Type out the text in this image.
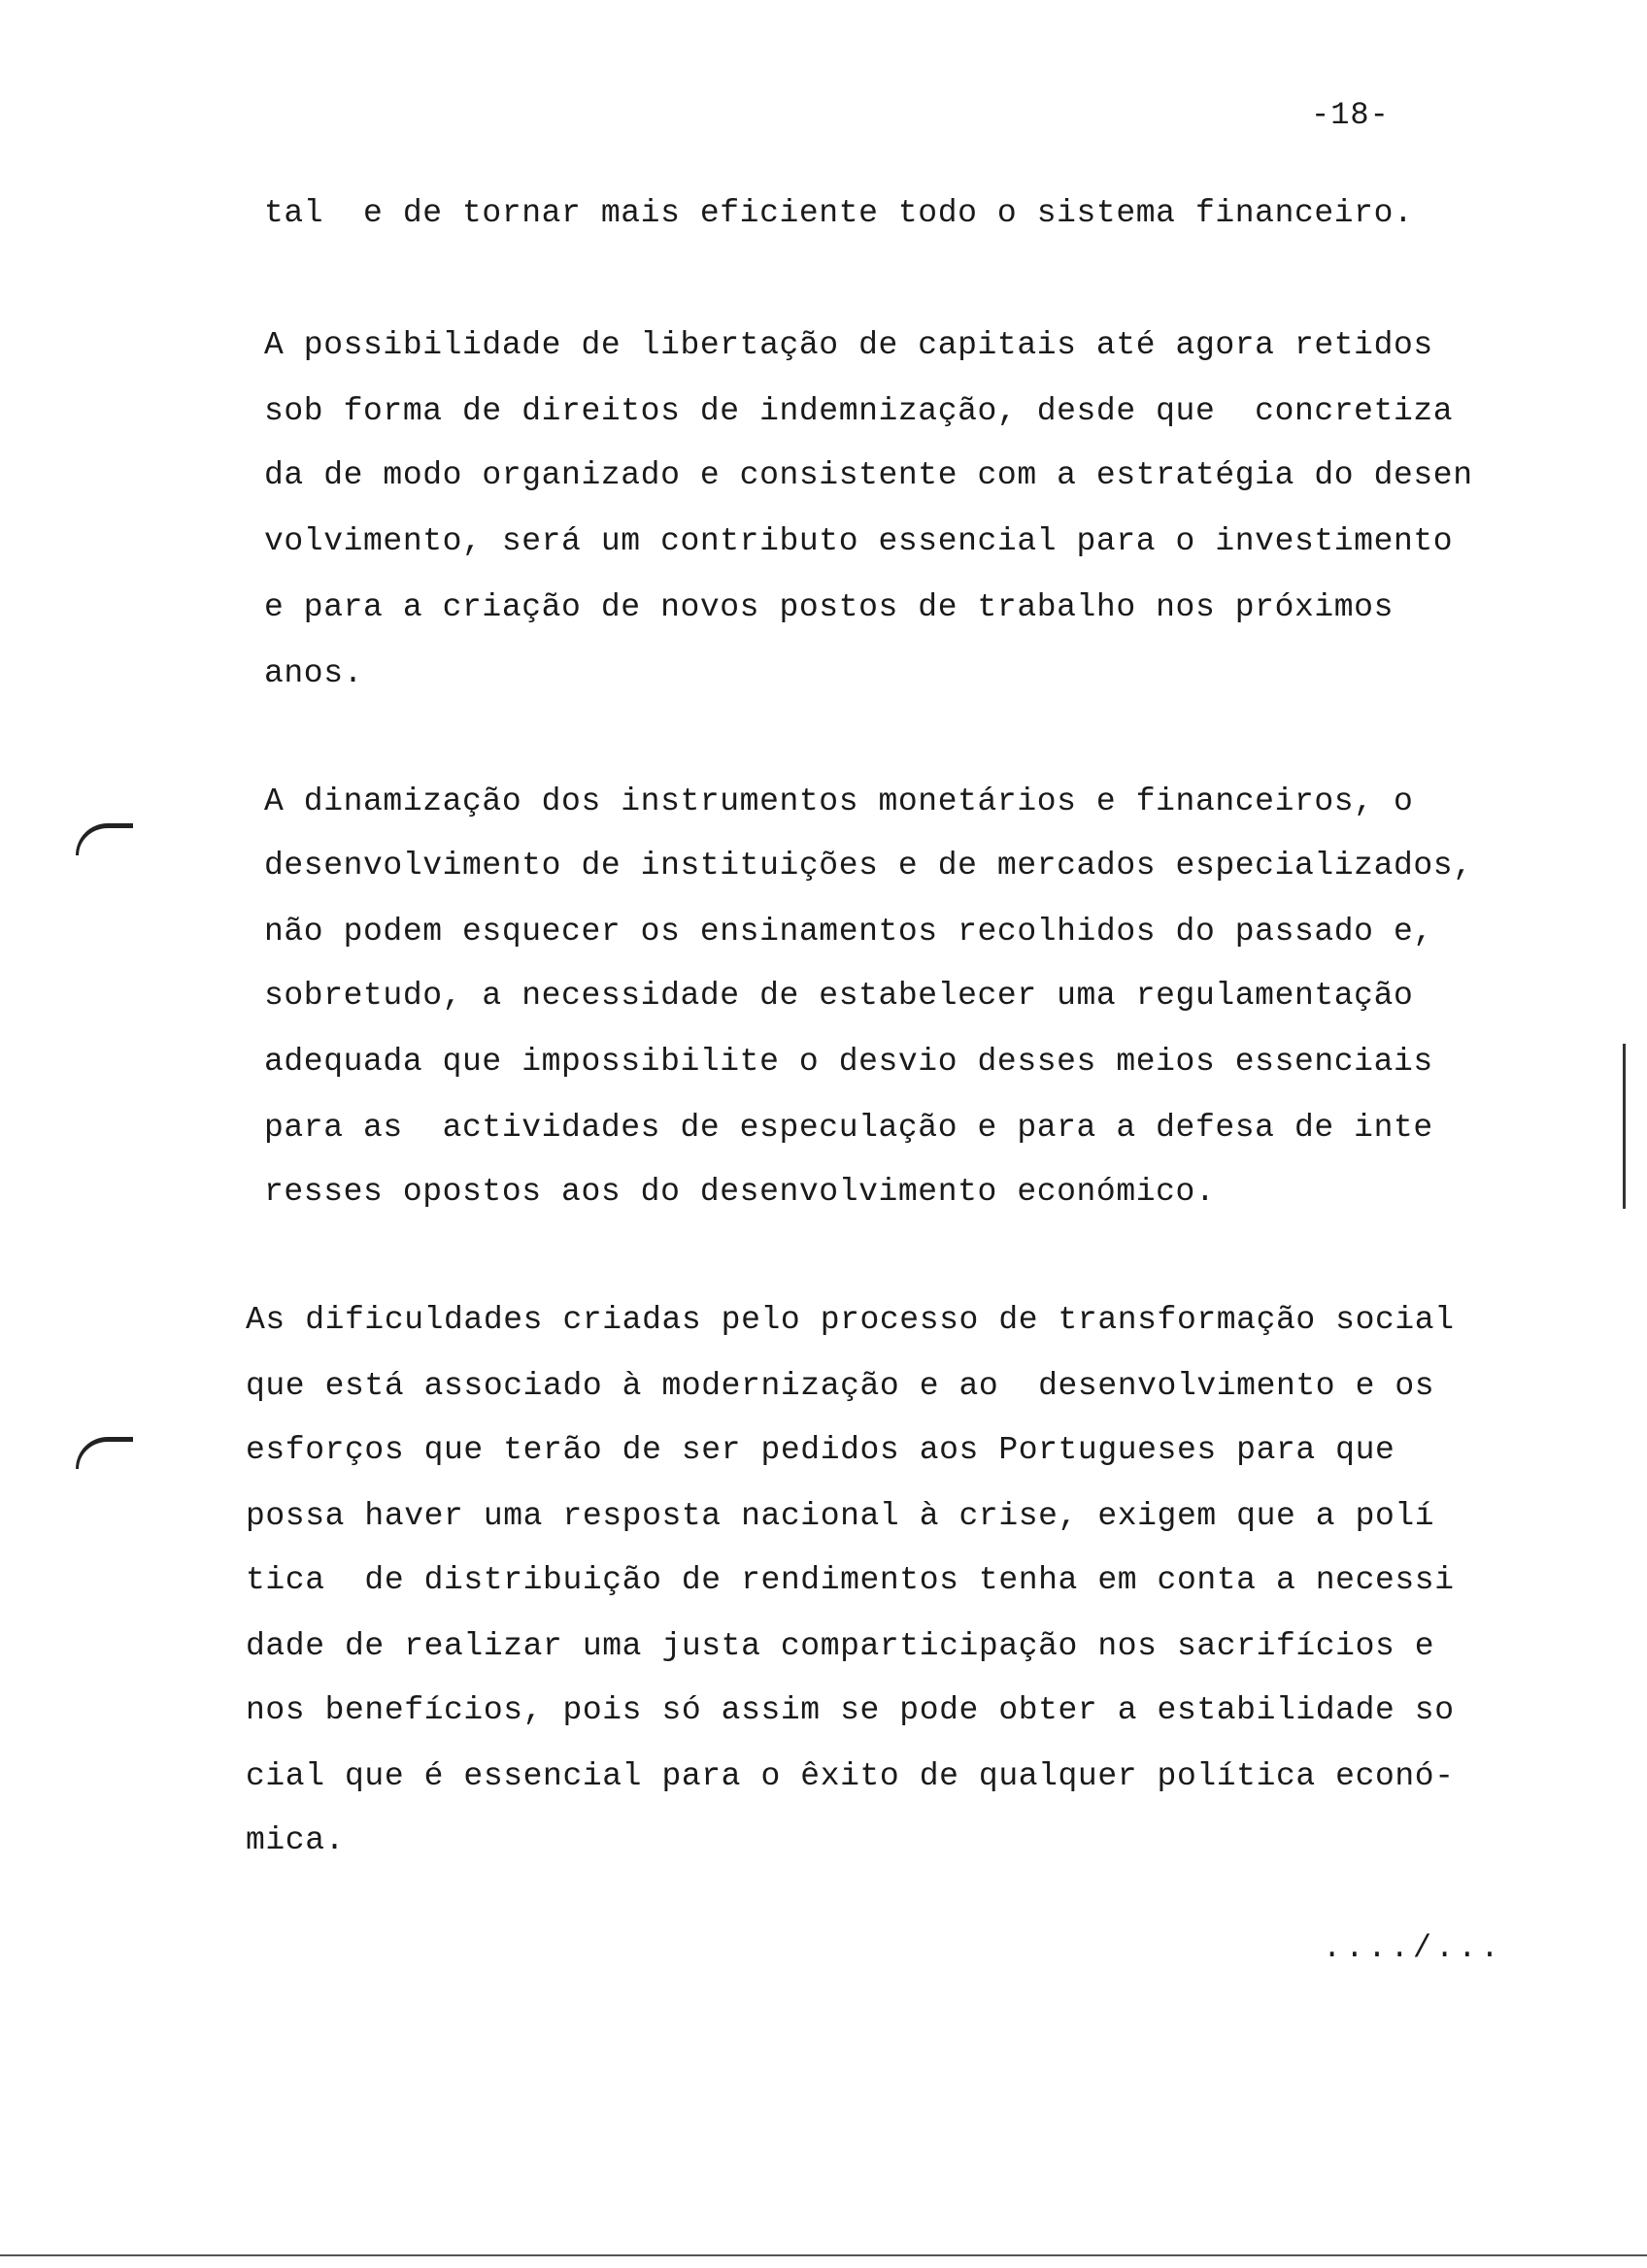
-18-
tal  e de tornar mais eficiente todo o sistema financeiro.
A possibilidade de libertação de capitais até agora retidos
sob forma de direitos de indemnização, desde que  concretiza
da de modo organizado e consistente com a estratégia do desen
volvimento, será um contributo essencial para o investimento
e para a criação de novos postos de trabalho nos próximos
anos.
A dinamização dos instrumentos monetários e financeiros, o
desenvolvimento de instituições e de mercados especializados,
não podem esquecer os ensinamentos recolhidos do passado e,
sobretudo, a necessidade de estabelecer uma regulamentação
adequada que impossibilite o desvio desses meios essenciais
para as  actividades de especulação e para a defesa de inte
resses opostos aos do desenvolvimento económico.
As dificuldades criadas pelo processo de transformação social
que está associado à modernização e ao  desenvolvimento e os
esforços que terão de ser pedidos aos Portugueses para que
possa haver uma resposta nacional à crise, exigem que a polí
tica  de distribuição de rendimentos tenha em conta a necessi
dade de realizar uma justa comparticipação nos sacrifícios e
nos benefícios, pois só assim se pode obter a estabilidade so
cial que é essencial para o êxito de qualquer política econó-
mica.
..../...
